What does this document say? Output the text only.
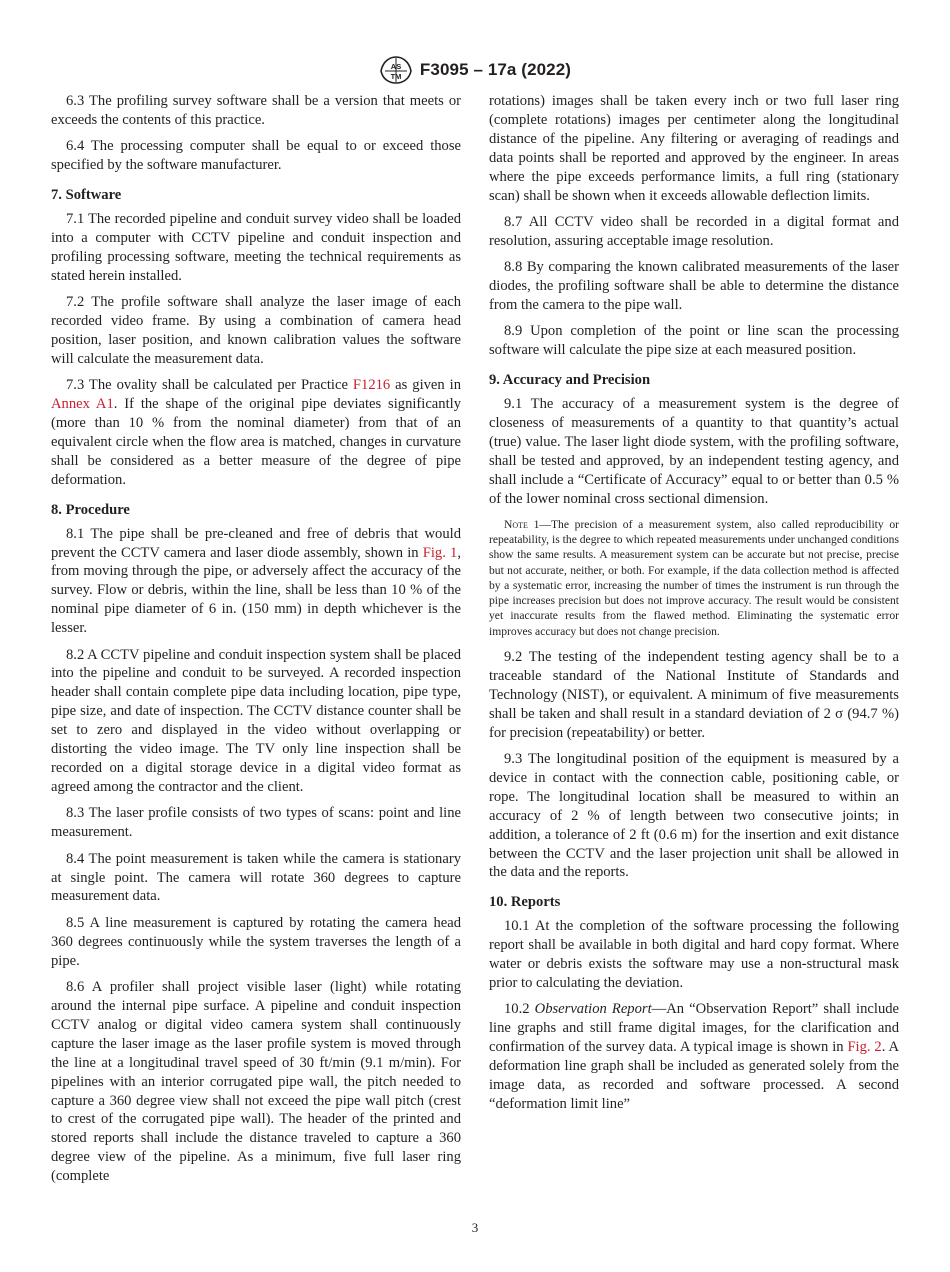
AS
TM F3095 – 17a (2022)

6.3 The profiling survey software shall be a version that meets or exceeds the contents of this practice.

6.4 The processing computer shall be equal to or exceed those specified by the software manufacturer.

7. Software

7.1 The recorded pipeline and conduit survey video shall be loaded into a computer with CCTV pipeline and conduit inspection and profiling processing software, meeting the technical requirements as stated herein installed.

7.2 The profile software shall analyze the laser image of each recorded video frame. By using a combination of camera head position, laser position, and known calibration values the software will calculate the measurement data.

7.3 The ovality shall be calculated per Practice F1216 as given in Annex A1. If the shape of the original pipe deviates significantly (more than 10 % from the nominal diameter) from that of an equivalent circle when the flow area is matched, changes in curvature shall be considered as a better measure of the degree of pipe deformation.

8. Procedure

8.1 The pipe shall be pre-cleaned and free of debris that would prevent the CCTV camera and laser diode assembly, shown in Fig. 1, from moving through the pipe, or adversely affect the accuracy of the survey. Flow or debris, within the line, shall be less than 10 % of the nominal pipe diameter of 6 in. (150 mm) in depth whichever is the lesser.

8.2 A CCTV pipeline and conduit inspection system shall be placed into the pipeline and conduit to be surveyed. A recorded inspection header shall contain complete pipe data including location, pipe type, pipe size, and date of inspection. The CCTV distance counter shall be set to zero and displayed in the video without overlapping or distorting the video image. The TV only line inspection shall be recorded on a digital storage device in a digital video format as agreed among the contractor and the client.

8.3 The laser profile consists of two types of scans: point and line measurement.

8.4 The point measurement is taken while the camera is stationary at single point. The camera will rotate 360 degrees to capture measurement data.

8.5 A line measurement is captured by rotating the camera head 360 degrees continuously while the system traverses the length of a pipe.

8.6 A profiler shall project visible laser (light) while rotating around the internal pipe surface. A pipeline and conduit inspection CCTV analog or digital video camera system shall continuously capture the laser image as the laser profile system is moved through the line at a longitudinal travel speed of 30 ft/min (9.1 m/min). For pipelines with an interior corrugated pipe wall, the pitch needed to capture a 360 degree view shall not exceed the pipe wall pitch (crest to crest of the corrugated pipe wall). The header of the printed and stored reports shall include the distance traveled to capture a 360 degree view of the pipeline. As a minimum, five full laser ring (complete

rotations) images shall be taken every inch or two full laser ring (complete rotations) images per centimeter along the longitudinal distance of the pipeline. Any filtering or averaging of readings and data points shall be reported and approved by the engineer. In areas where the pipe exceeds performance limits, a full ring (stationary scan) shall be shown when it exceeds allowable deflection limits.

8.7 All CCTV video shall be recorded in a digital format and resolution, assuring acceptable image resolution.

8.8 By comparing the known calibrated measurements of the laser diodes, the profiling software shall be able to determine the distance from the camera to the pipe wall.

8.9 Upon completion of the point or line scan the processing software will calculate the pipe size at each measured position.

9. Accuracy and Precision

9.1 The accuracy of a measurement system is the degree of closeness of measurements of a quantity to that quantity’s actual (true) value. The laser light diode system, with the profiling software, shall be tested and approved, by an independent testing agency, and shall include a “Certificate of Accuracy” equal to or better than 0.5 % of the lower nominal cross sectional dimension.

Note 1—The precision of a measurement system, also called reproducibility or repeatability, is the degree to which repeated measurements under unchanged conditions show the same results. A measurement system can be accurate but not precise, precise but not accurate, neither, or both. For example, if the data collection method is affected by a systematic error, increasing the number of times the instrument is run through the pipe increases precision but does not improve accuracy. The result would be consistent yet inaccurate results from the flawed method. Eliminating the systematic error improves accuracy but does not change precision.

9.2 The testing of the independent testing agency shall be to a traceable standard of the National Institute of Standards and Technology (NIST), or equivalent. A minimum of five measurements shall be taken and shall result in a standard deviation of 2 σ (94.7 %) for precision (repeatability) or better.

9.3 The longitudinal position of the equipment is measured by a device in contact with the connection cable, positioning cable, or rope. The longitudinal location shall be measured to within an accuracy of 2 % of length between two consecutive joints; in addition, a tolerance of 2 ft (0.6 m) for the insertion and exit distance between the CCTV and the laser projection unit shall be allowed in the data and the reports.

10. Reports

10.1 At the completion of the software processing the following report shall be available in both digital and hard copy format. Where water or debris exists the software may use a non-structural mask prior to calculating the deviation.

10.2 Observation Report—An “Observation Report” shall include line graphs and still frame digital images, for the clarification and confirmation of the survey data. A typical image is shown in Fig. 2. A deformation line graph shall be included as generated solely from the image data, as recorded and software processed. A second “deformation limit line”

3
